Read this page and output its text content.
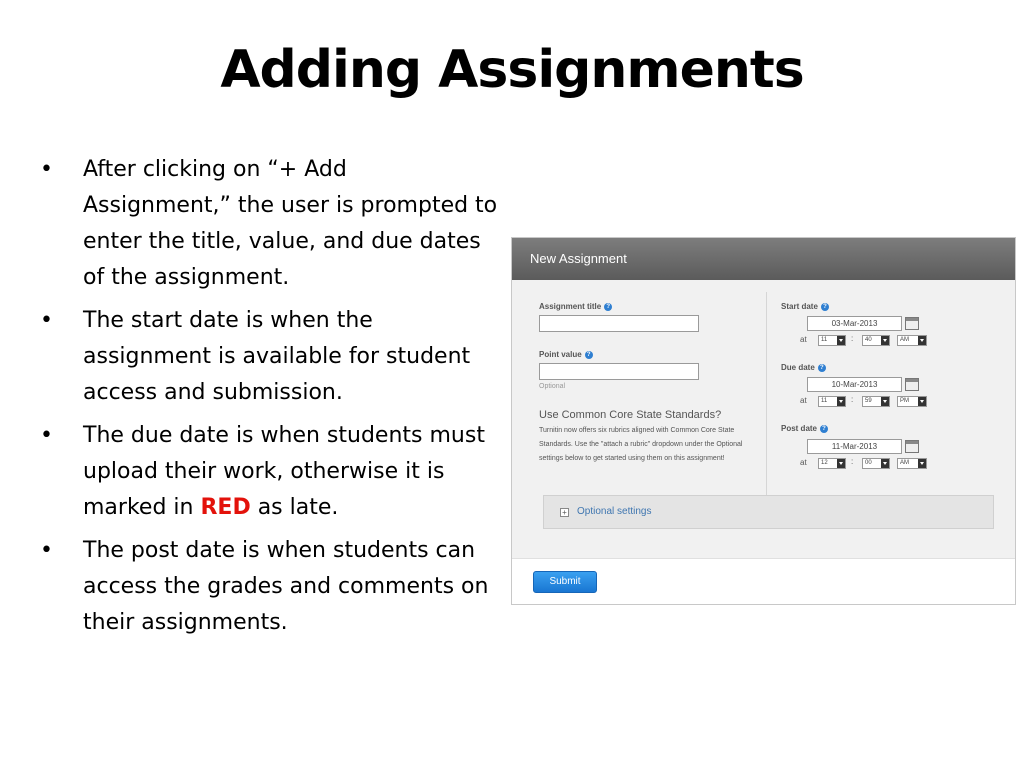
Adding Assignments
• After clicking on “+ Add Assignment,” the user is prompted to enter the title, value, and due dates of the assignment.
• The start date is when the assignment is available for student access and submission.
• The due date is when students must upload their work, otherwise it is marked in RED as late.
• The post date is when students can access the grades and comments on their assignments.
New Assignment
Assignment title ?
Point value ?
Optional
Use Common Core State Standards?
Turnitin now offers six rubrics aligned with Common Core State Standards. Use the "attach a rubric" dropdown under the Optional settings below to get started using them on this assignment!
Start date ?
03-Mar-2013
at	11	:	40	AM
Due date ?
10-Mar-2013
at	11	:	59	PM
Post date ?
11-Mar-2013
at	12	:	00	AM
+ Optional settings
Submit
